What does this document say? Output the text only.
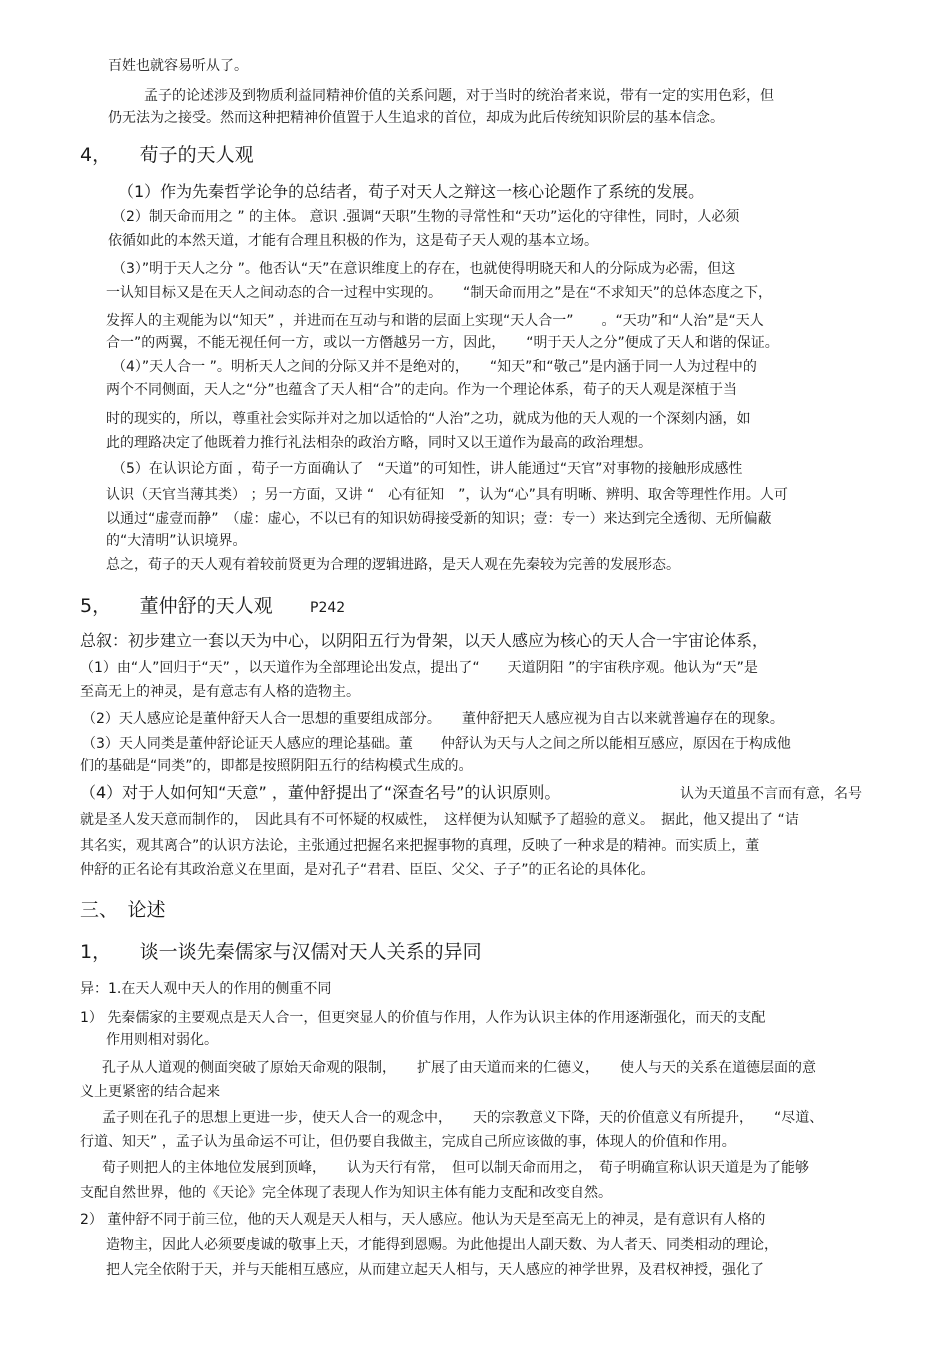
百姓也就容易听从了。
孟子的论述涉及到物质利益同精神价值的关系问题，对于当时的统治者来说，带有一定的实用色彩，但
仍无法为之接受。然而这种把精神价值置于人生追求的首位，却成为此后传统知识阶层的基本信念。
4，　　荀子的天人观
（1）作为先秦哲学论争的总结者，荀子对天人之辩这一核心论题作了系统的发展。
（2）制天命而用之 ” 的主体。 意识 .强调“天职”生物的寻常性和“天功”运化的守律性，同时，人必须
依循如此的本然天道，才能有合理且积极的作为，这是荀子天人观的基本立场。
（3）”明于天人之分 ”。他否认“天”在意识维度上的存在，也就使得明晓天和人的分际成为必需，但这
一认知目标又是在天人之间动态的合一过程中实现的。　　“制天命而用之”是在“不求知天”的总体态度之下，
发挥人的主观能为以“知天” ，并进而在互动与和谐的层面上实现“天人合一”　　。“天功”和“人治”是“天人
合一”的两翼，不能无视任何一方，或以一方僭越另一方，因此，　　“明于天人之分”便成了天人和谐的保证。
（4）”天人合一 ”。明析天人之间的分际又并不是绝对的，　　“知天”和“敬己”是内涵于同一人为过程中的
两个不同侧面，天人之“分”也蕴含了天人相“合”的走向。作为一个理论体系，荀子的天人观是深植于当
时的现实的，所以，尊重社会实际并对之加以适恰的“人治”之功，就成为他的天人观的一个深刻内涵，如
此的理路决定了他既着力推行礼法相杂的政治方略，同时又以王道作为最高的政治理想。
（5）在认识论方面 ，荀子一方面确认了　“天道”的可知性，讲人能通过“天官”对事物的接触形成感性
认识（天官当薄其类） ；另一方面，又讲 “　心有征知　”，认为“心”具有明晰、辨明、取舍等理性作用。人可
以通过“虚壹而静”　（虚：虚心，不以已有的知识妨碍接受新的知识；壹：专一）来达到完全透彻、无所偏蔽
的“大清明”认识境界。
总之，荀子的天人观有着较前贤更为合理的逻辑进路，是天人观在先秦较为完善的发展形态。
5，　　董仲舒的天人观	P242
总叙：初步建立一套以天为中心，以阴阳五行为骨架，以天人感应为核心的天人合一宇宙论体系，
（1）由“人”回归于“天” ，以天道作为全部理论出发点，提出了“　　天道阴阳 ”的宇宙秩序观。他认为“天”是
至高无上的神灵，是有意志有人格的造物主。
（2）天人感应论是董仲舒天人合一思想的重要组成部分。　　董仲舒把天人感应视为自古以来就普遍存在的现象。
（3）天人同类是董仲舒论证天人感应的理论基础。董　　仲舒认为天与人之间之所以能相互感应，原因在于构成他
们的基础是“同类”的，即都是按照阴阳五行的结构模式生成的。
（4）对于人如何知“天意” ，董仲舒提出了“深查名号”的认识原则。	认为天道虽不言而有意，名号
就是圣人发天意而制作的，　因此具有不可怀疑的权威性，　这样便为认知赋予了超验的意义。　据此，他又提出了 “诘
其名实，观其离合”的认识方法论，主张通过把握名来把握事物的真理，反映了一种求是的精神。而实质上，董
仲舒的正名论有其政治意义在里面，是对孔子“君君、臣臣、父父、子子”的正名论的具体化。
三、　论述
1，　　谈一谈先秦儒家与汉儒对天人关系的异同
异：1.在天人观中天人的作用的侧重不同
1） 先秦儒家的主要观点是天人合一，但更突显人的价值与作用，人作为认识主体的作用逐渐强化，而天的支配
作用则相对弱化。
孔子从人道观的侧面突破了原始天命观的限制，　　扩展了由天道而来的仁德义，　　使人与天的关系在道德层面的意
义上更紧密的结合起来
孟子则在孔子的思想上更进一步，使天人合一的观念中，　　天的宗教意义下降，天的价值意义有所提升，　　“尽道、
行道、知天” ，孟子认为虽命运不可让，但仍要自我做主，完成自己所应该做的事，体现人的价值和作用。
荀子则把人的主体地位发展到顶峰，　　认为天行有常，　但可以制天命而用之，　荀子明确宣称认识天道是为了能够
支配自然世界，他的《天论》完全体现了表现人作为知识主体有能力支配和改变自然。
2） 董仲舒不同于前三位，他的天人观是天人相与，天人感应。他认为天是至高无上的神灵，是有意识有人格的
造物主，因此人必须要虔诚的敬事上天，才能得到恩赐。为此他提出人副天数、为人者天、同类相动的理论，
把人完全依附于天，并与天能相互感应，从而建立起天人相与，天人感应的神学世界，及君权神授，强化了
